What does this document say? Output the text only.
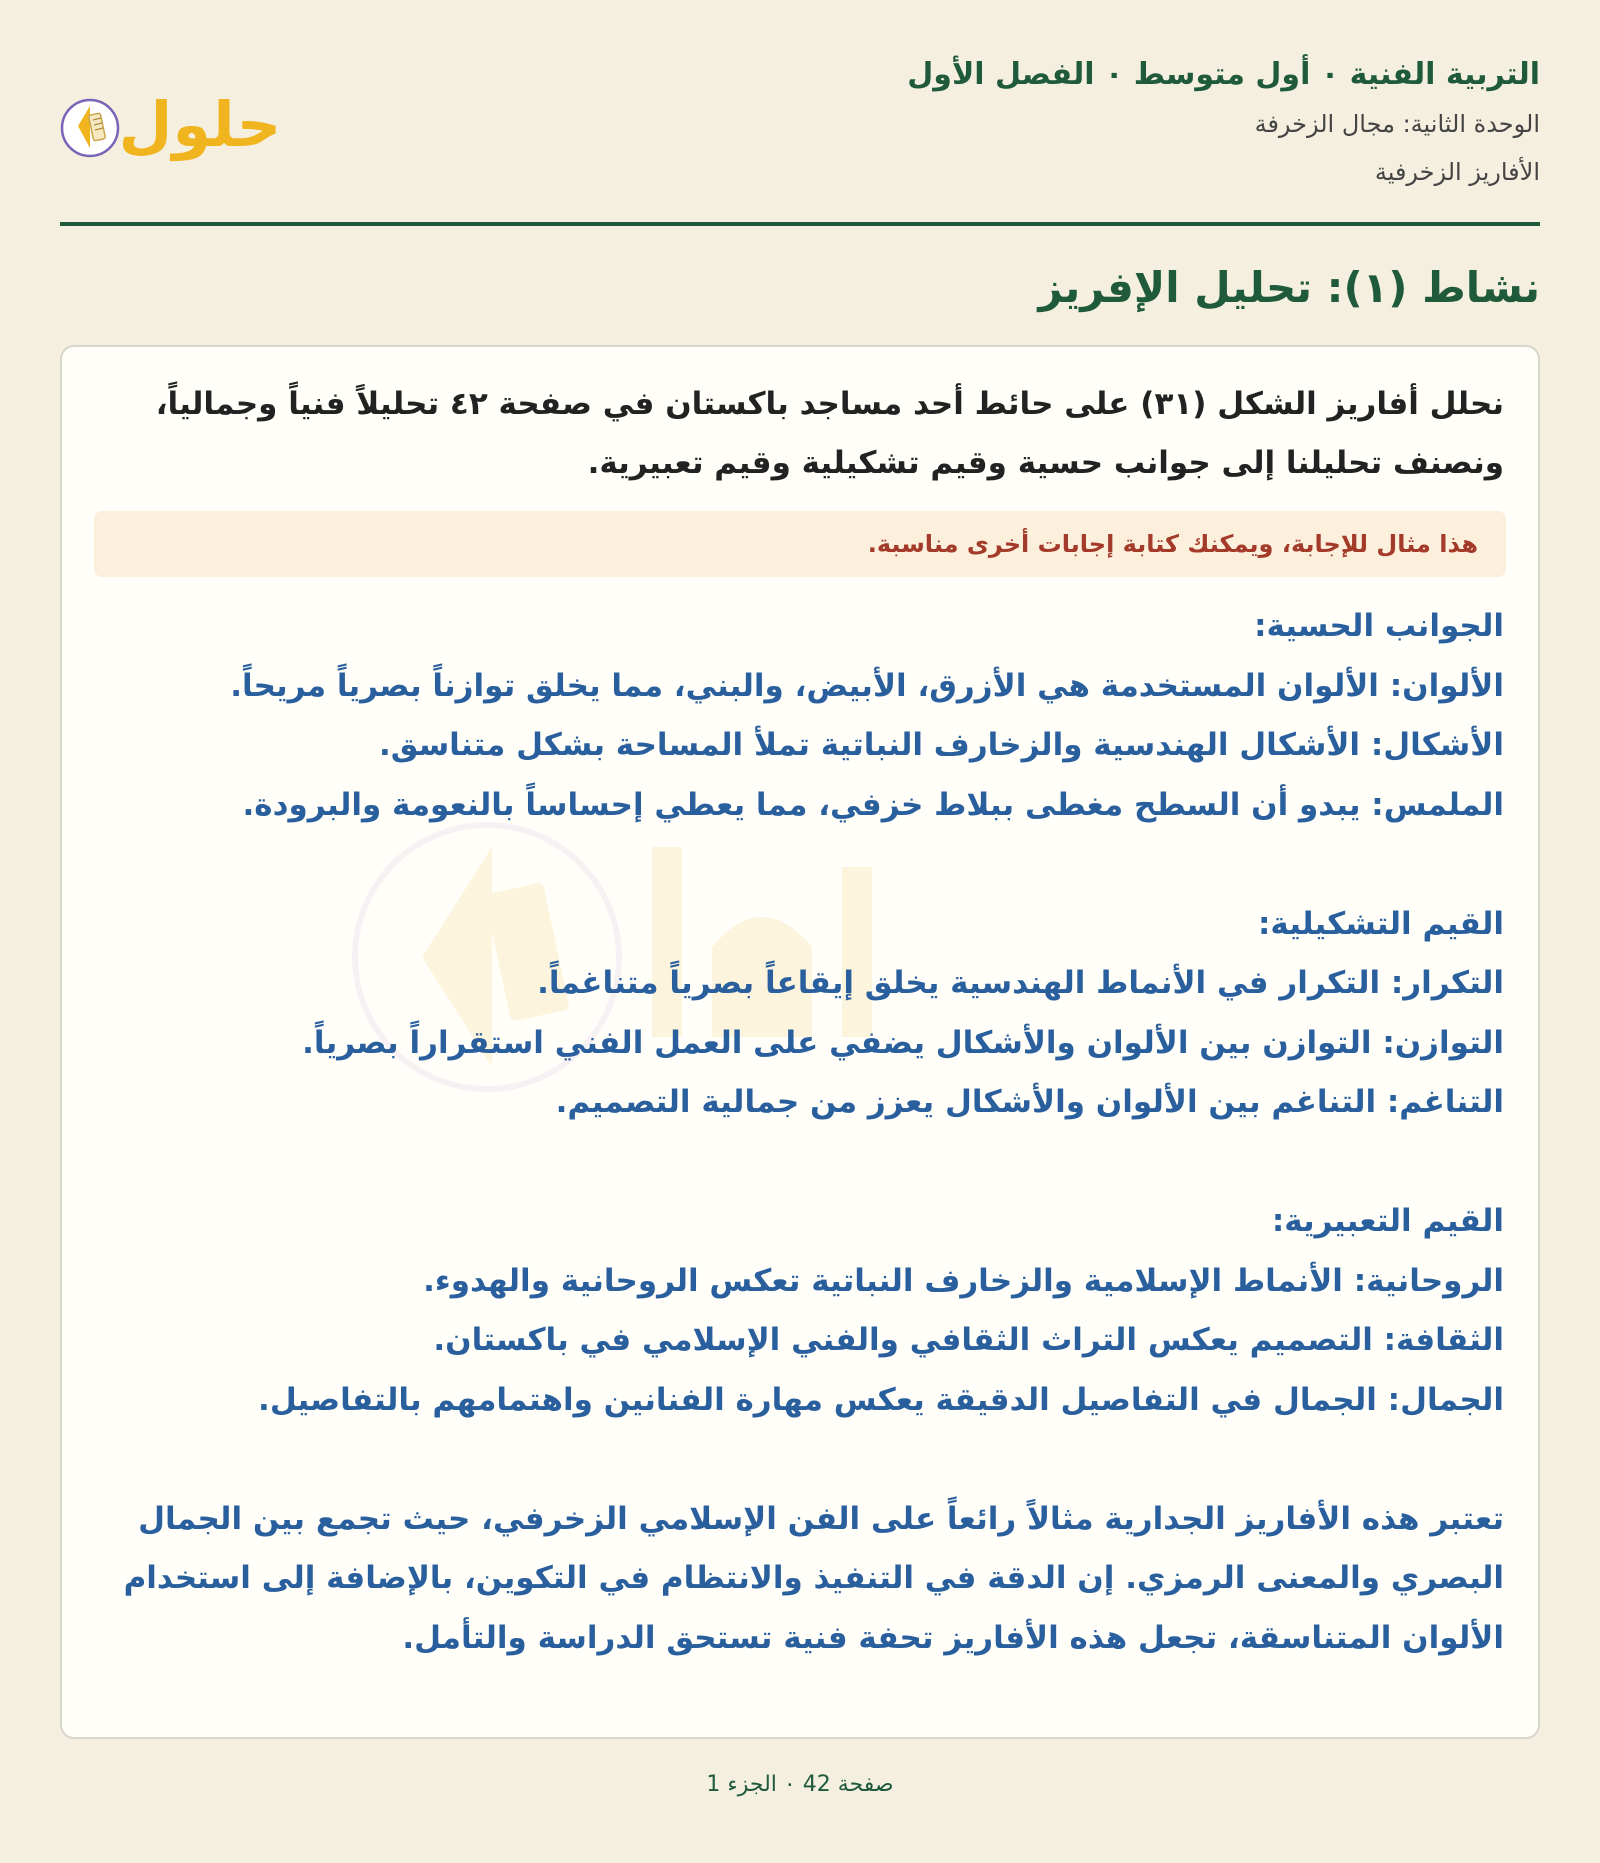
التربية الفنية ٠ أول متوسط ٠ الفصل الأول
الوحدة الثانية: مجال الزخرفة
الأفاريز الزخرفية
حلول
نشاط (١): تحليل الإفريز

نحلل أفاريز الشكل (٣١) على حائط أحد مساجد باكستان في صفحة ٤٢ تحليلاً فنياً وجمالياً، ونصنف تحليلنا إلى جوانب حسية وقيم تشكيلية وقيم تعبيرية.

هذا مثال للإجابة، ويمكنك كتابة إجابات أخرى مناسبة.
الجوانب الحسية:
الألوان: الألوان المستخدمة هي الأزرق، الأبيض، والبني، مما يخلق توازناً بصرياً مريحاً.
الأشكال: الأشكال الهندسية والزخارف النباتية تملأ المساحة بشكل متناسق.
الملمس: يبدو أن السطح مغطى ببلاط خزفي، مما يعطي إحساساً بالنعومة والبرودة.
القيم التشكيلية:
التكرار: التكرار في الأنماط الهندسية يخلق إيقاعاً بصرياً متناغماً.
التوازن: التوازن بين الألوان والأشكال يضفي على العمل الفني استقراراً بصرياً.
التناغم: التناغم بين الألوان والأشكال يعزز من جمالية التصميم.
القيم التعبيرية:
الروحانية: الأنماط الإسلامية والزخارف النباتية تعكس الروحانية والهدوء.
الثقافة: التصميم يعكس التراث الثقافي والفني الإسلامي في باكستان.
الجمال: الجمال في التفاصيل الدقيقة يعكس مهارة الفنانين واهتمامهم بالتفاصيل.
تعتبر هذه الأفاريز الجدارية مثالاً رائعاً على الفن الإسلامي الزخرفي، حيث تجمع بين الجمال البصري والمعنى الرمزي. إن الدقة في التنفيذ والانتظام في التكوين، بالإضافة إلى استخدام الألوان المتناسقة، تجعل هذه الأفاريز تحفة فنية تستحق الدراسة والتأمل.
صفحة 42 ٠ الجزء 1
